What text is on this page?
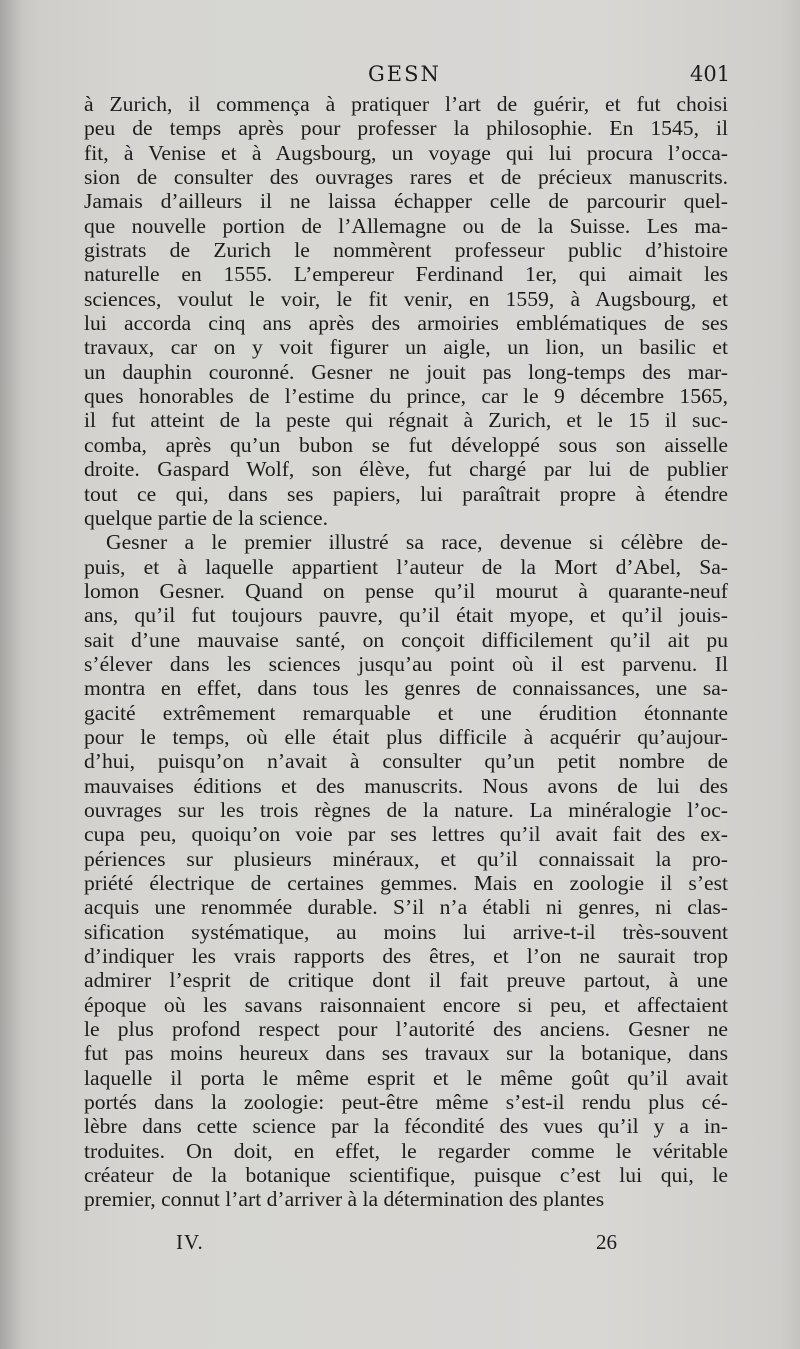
GESN	401
à Zurich, il commença à pratiquer l’art de guérir, et fut choisi
peu de temps après pour professer la philosophie. En 1545, il
fit, à Venise et à Augsbourg, un voyage qui lui procura l’occa-
sion de consulter des ouvrages rares et de précieux manuscrits.
Jamais d’ailleurs il ne laissa échapper celle de parcourir quel-
que nouvelle portion de l’Allemagne ou de la Suisse. Les ma-
gistrats de Zurich le nommèrent professeur public d’histoire
naturelle en 1555. L’empereur Ferdinand 1er, qui aimait les
sciences, voulut le voir, le fit venir, en 1559, à Augsbourg, et
lui accorda cinq ans après des armoiries emblématiques de ses
travaux, car on y voit figurer un aigle, un lion, un basilic et
un dauphin couronné. Gesner ne jouit pas long-temps des mar-
ques honorables de l’estime du prince, car le 9 décembre 1565,
il fut atteint de la peste qui régnait à Zurich, et le 15 il suc-
comba, après qu’un bubon se fut développé sous son aisselle
droite. Gaspard Wolf, son élève, fut chargé par lui de publier
tout ce qui, dans ses papiers, lui paraîtrait propre à étendre
quelque partie de la science.
Gesner a le premier illustré sa race, devenue si célèbre de-
puis, et à laquelle appartient l’auteur de la Mort d’Abel, Sa-
lomon Gesner. Quand on pense qu’il mourut à quarante-neuf
ans, qu’il fut toujours pauvre, qu’il était myope, et qu’il jouis-
sait d’une mauvaise santé, on conçoit difficilement qu’il ait pu
s’élever dans les sciences jusqu’au point où il est parvenu. Il
montra en effet, dans tous les genres de connaissances, une sa-
gacité extrêmement remarquable et une érudition étonnante
pour le temps, où elle était plus difficile à acquérir qu’aujour-
d’hui, puisqu’on n’avait à consulter qu’un petit nombre de
mauvaises éditions et des manuscrits. Nous avons de lui des
ouvrages sur les trois règnes de la nature. La minéralogie l’oc-
cupa peu, quoiqu’on voie par ses lettres qu’il avait fait des ex-
périences sur plusieurs minéraux, et qu’il connaissait la pro-
priété électrique de certaines gemmes. Mais en zoologie il s’est
acquis une renommée durable. S’il n’a établi ni genres, ni clas-
sification systématique, au moins lui arrive-t-il très-souvent
d’indiquer les vrais rapports des êtres, et l’on ne saurait trop
admirer l’esprit de critique dont il fait preuve partout, à une
époque où les savans raisonnaient encore si peu, et affectaient
le plus profond respect pour l’autorité des anciens. Gesner ne
fut pas moins heureux dans ses travaux sur la botanique, dans
laquelle il porta le même esprit et le même goût qu’il avait
portés dans la zoologie: peut-être même s’est-il rendu plus cé-
lèbre dans cette science par la fécondité des vues qu’il y a in-
troduites. On doit, en effet, le regarder comme le véritable
créateur de la botanique scientifique, puisque c’est lui qui, le
premier, connut l’art d’arriver à la détermination des plantes
IV.	26
